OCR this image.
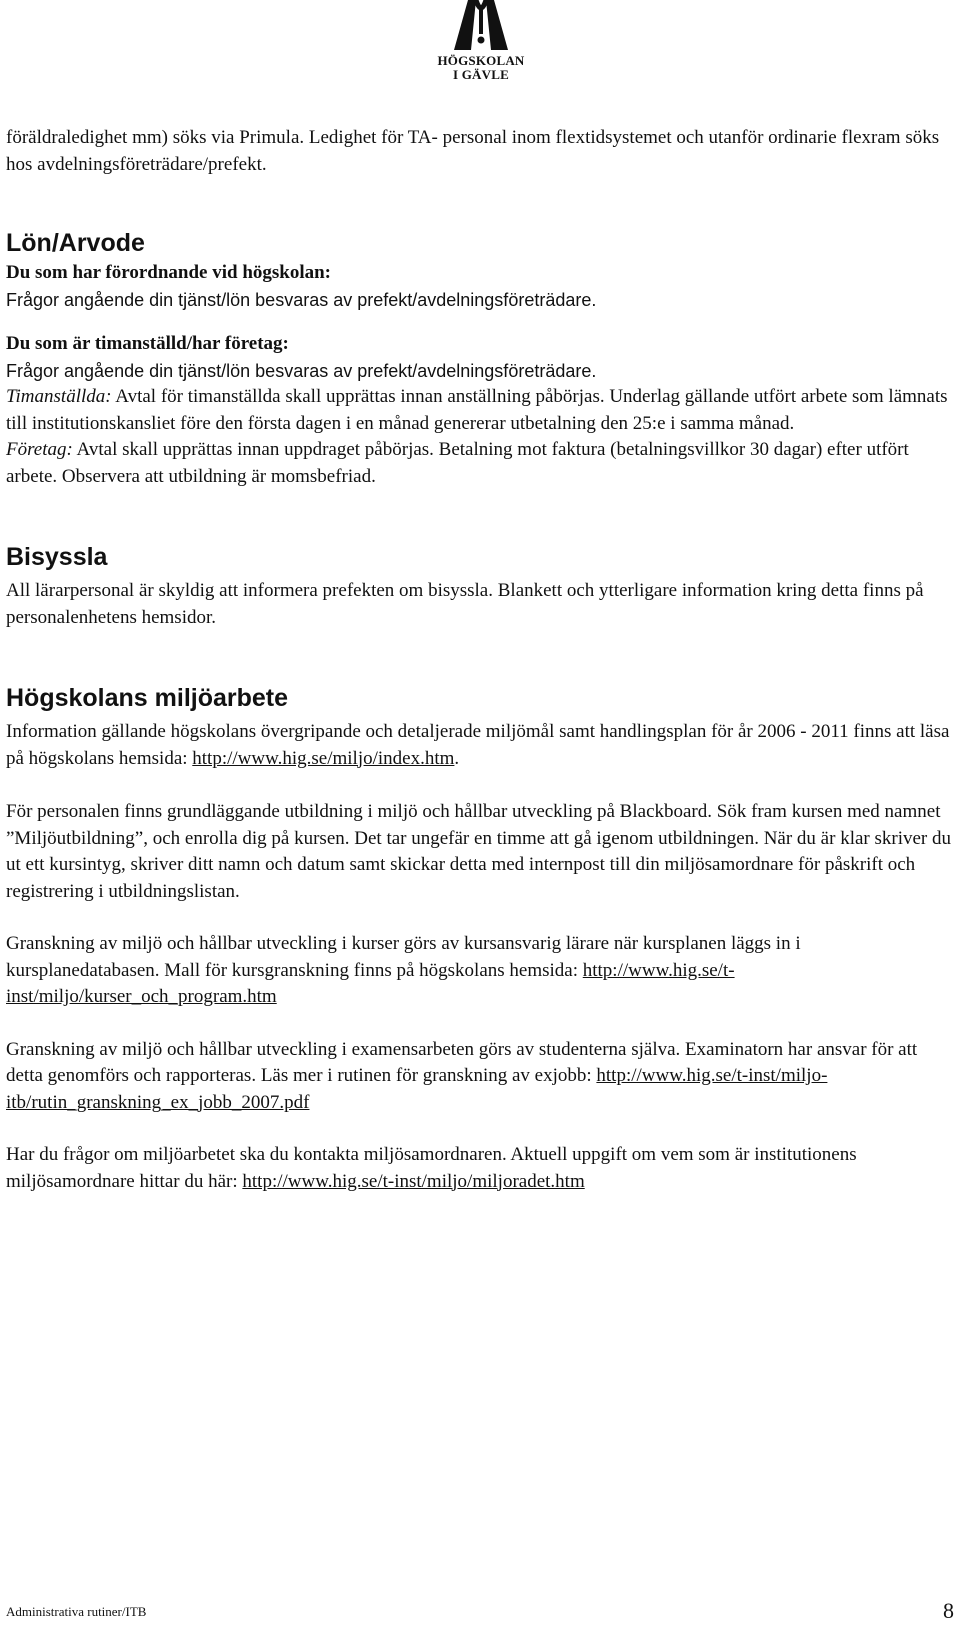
HÖGSKOLAN
I GÄVLE

föräldraledighet mm) söks via Primula. Ledighet för TA- personal inom flextidsystemet och utanför ordinarie flexram söks hos avdelningsföreträdare/prefekt.

Lön/Arvode
Du som har förordnande vid högskolan:

Frågor angående din tjänst/lön besvaras av prefekt/avdelningsföreträdare.

Du som är timanställd/har företag:

Frågor angående din tjänst/lön besvaras av prefekt/avdelningsföreträdare.

Timanställda: Avtal för timanställda skall upprättas innan anställning påbörjas. Underlag gällande utfört arbete som lämnats till institutionskansliet före den första dagen i en månad genererar utbetalning den 25:e i samma månad.

Företag: Avtal skall upprättas innan uppdraget påbörjas. Betalning mot faktura (betalningsvillkor 30 dagar) efter utfört arbete. Observera att utbildning är momsbefriad.

Bisyssla

All lärarpersonal är skyldig att informera prefekten om bisyssla. Blankett och ytterligare information kring detta finns på personalenhetens hemsidor.

Högskolans miljöarbete

Information gällande högskolans övergripande och detaljerade miljömål samt handlingsplan för år 2006 - 2011 finns att läsa på högskolans hemsida: http://www.hig.se/miljo/index.htm.

För personalen finns grundläggande utbildning i miljö och hållbar utveckling på Blackboard. Sök fram kursen med namnet ”Miljöutbildning”, och enrolla dig på kursen. Det tar ungefär en timme att gå igenom utbildningen. När du är klar skriver du ut ett kursintyg, skriver ditt namn och datum samt skickar detta med internpost till din miljösamordnare för påskrift och registrering i utbildningslistan.

Granskning av miljö och hållbar utveckling i kurser görs av kursansvarig lärare när kursplanen läggs in i kursplanedatabasen. Mall för kursgranskning finns på högskolans hemsida: http://www.hig.se/t-inst/miljo/kurser_och_program.htm

Granskning av miljö och hållbar utveckling i examensarbeten görs av studenterna själva. Examinatorn har ansvar för att detta genomförs och rapporteras. Läs mer i rutinen för granskning av exjobb: http://www.hig.se/t-inst/miljo-itb/rutin_granskning_ex_jobb_2007.pdf

Har du frågor om miljöarbetet ska du kontakta miljösamordnaren. Aktuell uppgift om vem som är institutionens miljösamordnare hittar du här: http://www.hig.se/t-inst/miljo/miljoradet.htm

Administrativa rutiner/ITB	8
